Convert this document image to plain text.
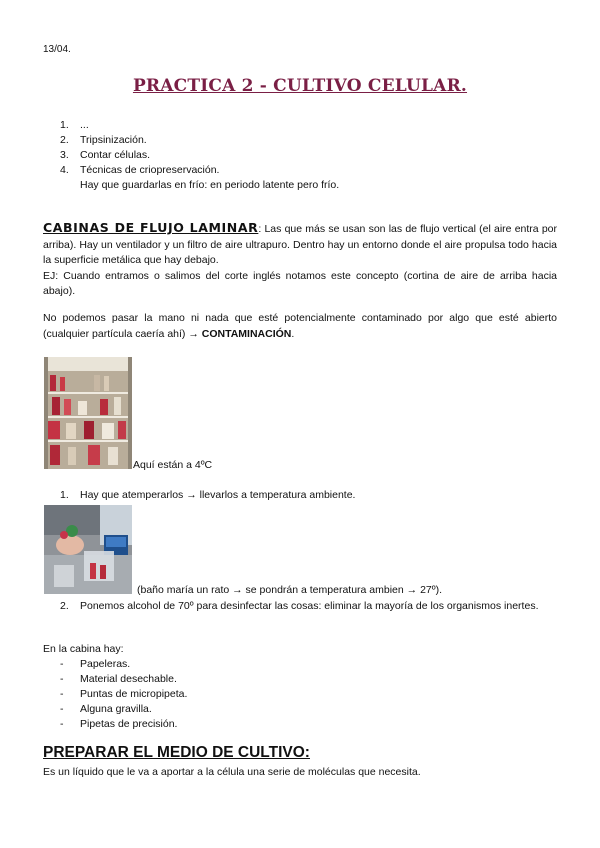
13/04.
PRACTICA 2 - CULTIVO CELULAR.
1.	...
2.	Tripsinización.
3.	Contar células.
4.	Técnicas de criopreservación.
Hay que guardarlas en frío: en periodo latente pero frío.
CABINAS DE FLUJO LAMINAR: Las que más se usan son las de flujo vertical (el aire entra por arriba). Hay un ventilador y un filtro de aire ultrapuro. Dentro hay un entorno donde el aire propulsa todo hacia la superficie metálica que hay debajo.
EJ: Cuando entramos o salimos del corte inglés notamos este concepto (cortina de aire de arriba hacia abajo).
No podemos pasar la mano ni nada que esté potencialmente contaminado por algo que esté abierto (cualquier partícula caería ahí) → CONTAMINACIÓN.
Aquí están a 4ºC
1.	Hay que atemperarlos → llevarlos a temperatura ambiente.
(baño maría un rato → se pondrán a temperatura ambien → 27º).
2.	Ponemos alcohol de 70º para desinfectar las cosas: eliminar la mayoría de los organismos inertes.
En la cabina hay:
-	Papeleras.
-	Material desechable.
-	Puntas de micropipeta.
-	Alguna gravilla.
-	Pipetas de precisión.
PREPARAR EL MEDIO DE CULTIVO:
Es un líquido que le va a aportar a la célula una serie de moléculas que necesita.
